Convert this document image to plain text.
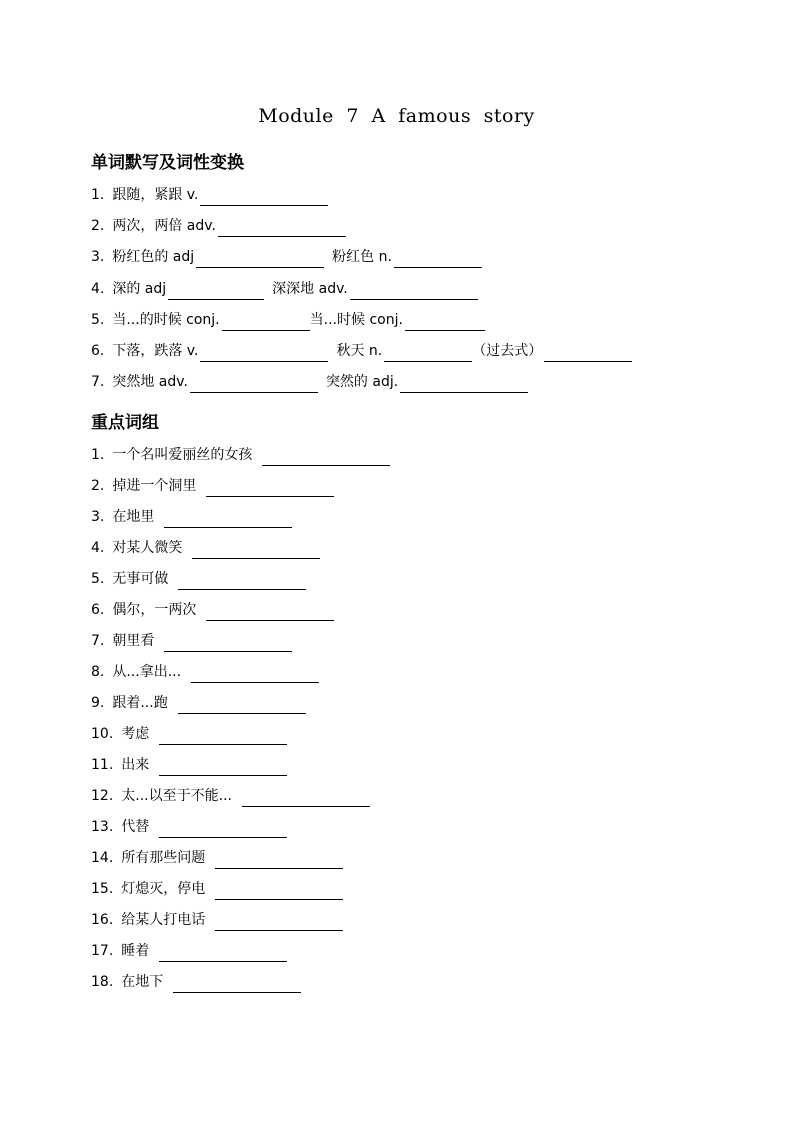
Module 7 A famous story
单词默写及词性变换
1. 跟随，紧跟 v.
2. 两次，两倍 adv.
3. 粉红色的 adj	粉红色 n.
4. 深的 adj	深深地 adv.
5. 当...的时候 conj.	当...时候 conj.
6. 下落，跌落 v.	秋天 n.	（过去式）
7. 突然地 adv.	突然的 adj.
重点词组
1. 一个名叫爱丽丝的女孩
2. 掉进一个洞里
3. 在地里
4. 对某人微笑
5. 无事可做
6. 偶尔，一两次
7. 朝里看
8. 从...拿出...
9. 跟着...跑
10. 考虑
11. 出来
12. 太...以至于不能...
13. 代替
14. 所有那些问题
15. 灯熄灭，停电
16. 给某人打电话
17. 睡着
18. 在地下
